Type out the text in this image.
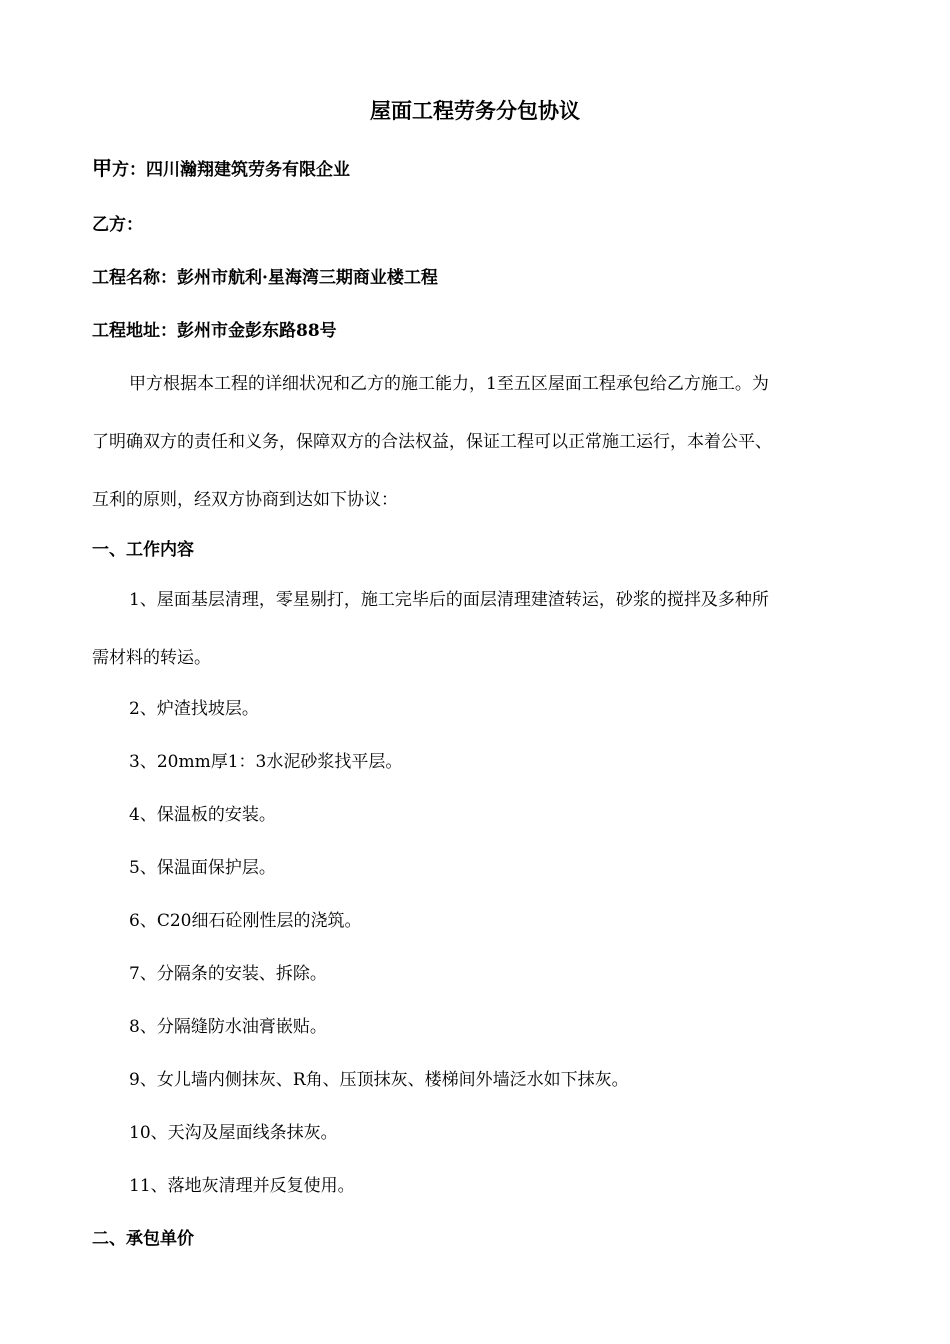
屋面工程劳务分包协议
甲方：四川瀚翔建筑劳务有限企业
乙方：
工程名称：彭州市航利·星海湾三期商业楼工程
工程地址：彭州市金彭东路88号
甲方根据本工程的详细状况和乙方的施工能力，1至五区屋面工程承包给乙方施工。为
了明确双方的责任和义务，保障双方的合法权益，保证工程可以正常施工运行，本着公平、
互利的原则，经双方协商到达如下协议：
一、工作内容
1、屋面基层清理，零星剔打，施工完毕后的面层清理建渣转运，砂浆的搅拌及多种所
需材料的转运。
2、炉渣找坡层。
3、20mm厚1：3水泥砂浆找平层。
4、保温板的安装。
5、保温面保护层。
6、C20细石砼刚性层的浇筑。
7、分隔条的安装、拆除。
8、分隔缝防水油膏嵌贴。
9、女儿墙内侧抹灰、R角、压顶抹灰、楼梯间外墙泛水如下抹灰。
10、天沟及屋面线条抹灰。
11、落地灰清理并反复使用。
二、承包单价
